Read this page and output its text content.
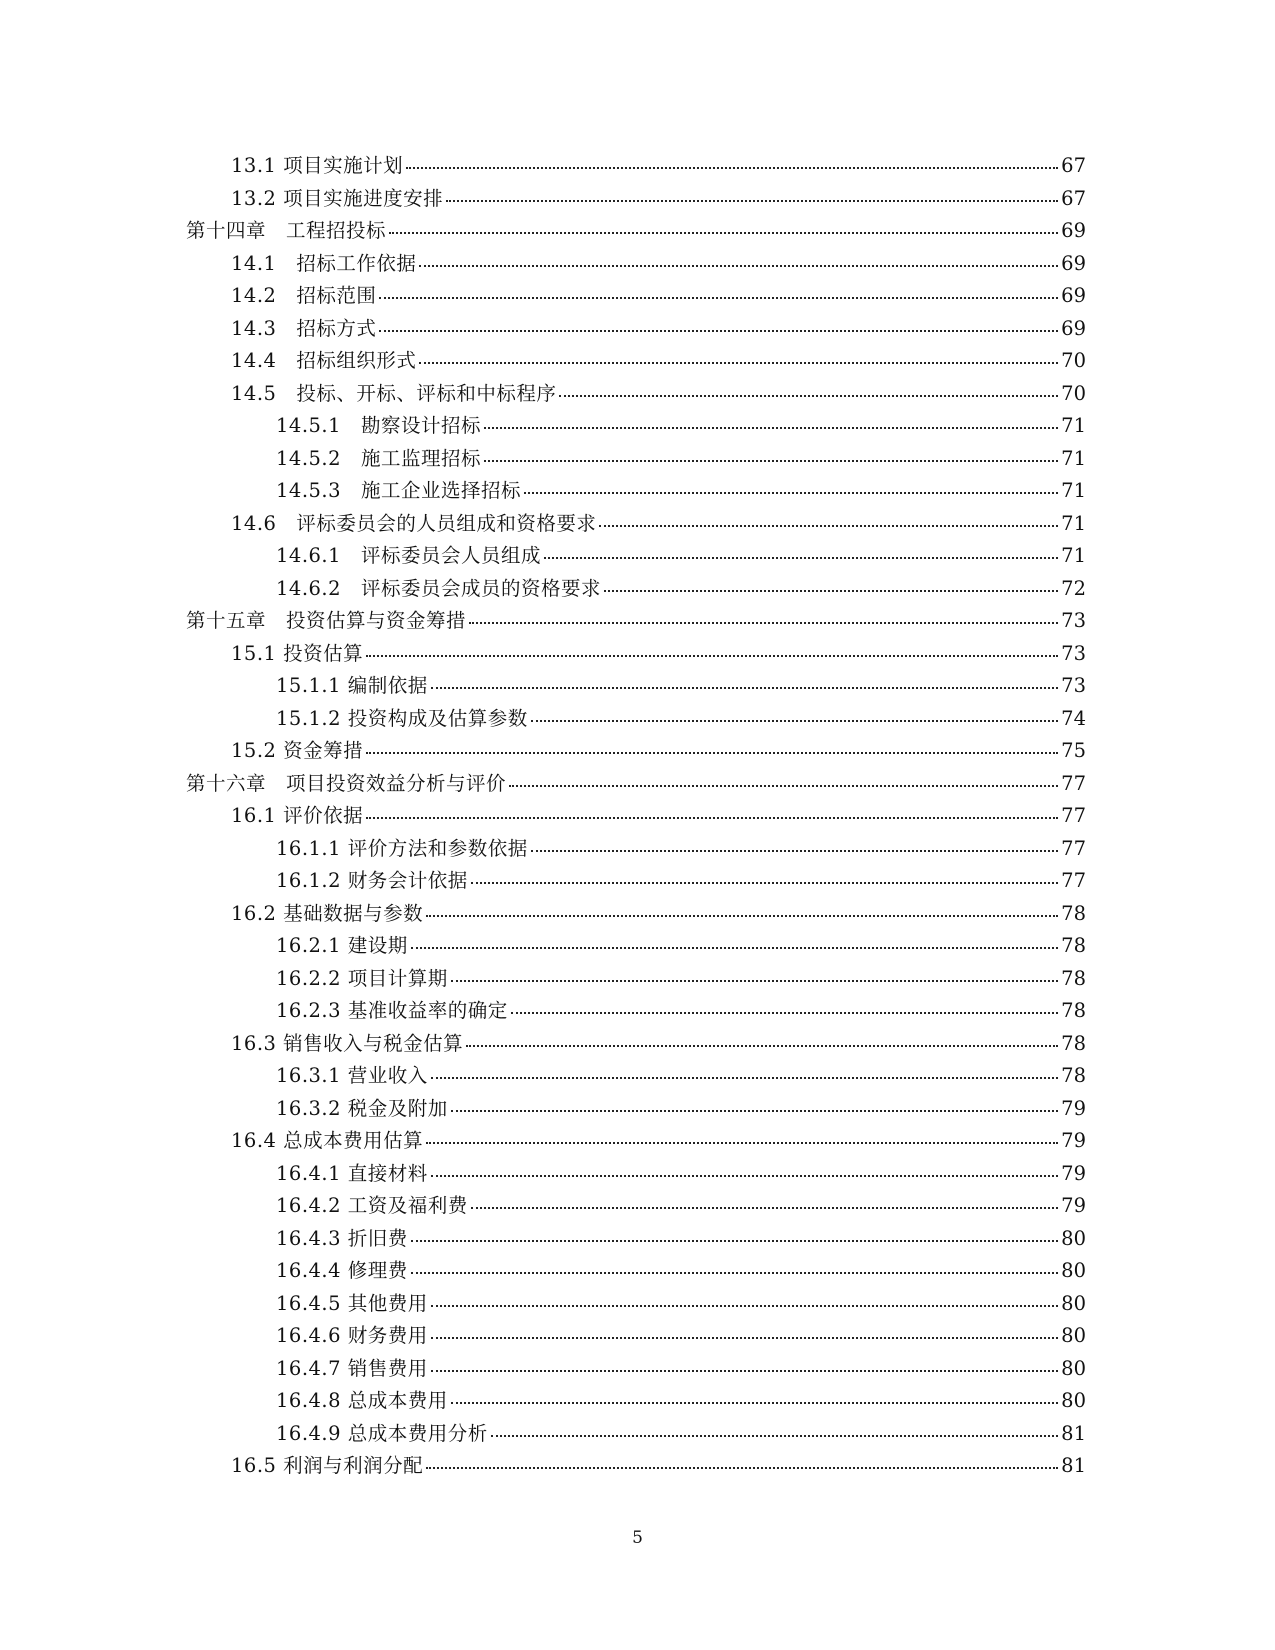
13.1 项目实施计划	67
13.2 项目实施进度安排	67
第十四章　工程招投标	69
14.1　招标工作依据	69
14.2　招标范围	69
14.3　招标方式	69
14.4　招标组织形式	70
14.5　投标、开标、评标和中标程序	70
14.5.1　勘察设计招标	71
14.5.2　施工监理招标	71
14.5.3　施工企业选择招标	71
14.6　评标委员会的人员组成和资格要求	71
14.6.1　评标委员会人员组成	71
14.6.2　评标委员会成员的资格要求	72
第十五章　投资估算与资金筹措	73
15.1 投资估算	73
15.1.1 编制依据	73
15.1.2 投资构成及估算参数	74
15.2 资金筹措	75
第十六章　项目投资效益分析与评价	77
16.1 评价依据	77
16.1.1 评价方法和参数依据	77
16.1.2 财务会计依据	77
16.2 基础数据与参数	78
16.2.1 建设期	78
16.2.2 项目计算期	78
16.2.3 基准收益率的确定	78
16.3 销售收入与税金估算	78
16.3.1 营业收入	78
16.3.2 税金及附加	79
16.4 总成本费用估算	79
16.4.1 直接材料	79
16.4.2 工资及福利费	79
16.4.3 折旧费	80
16.4.4 修理费	80
16.4.5 其他费用	80
16.4.6 财务费用	80
16.4.7 销售费用	80
16.4.8 总成本费用	80
16.4.9 总成本费用分析	81
16.5 利润与利润分配	81
5
